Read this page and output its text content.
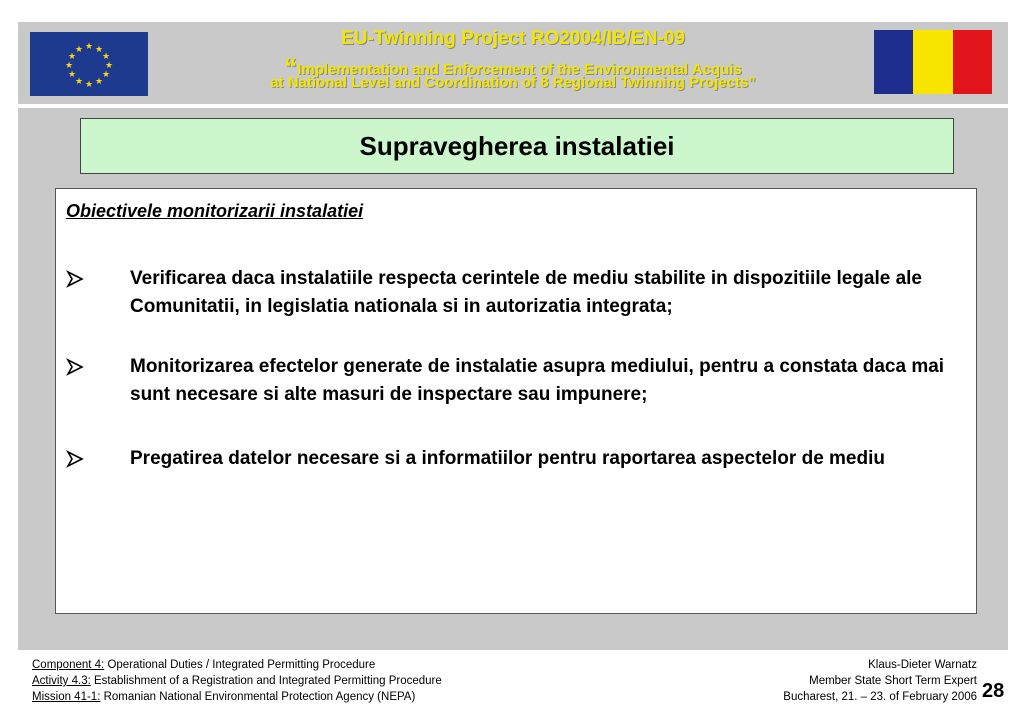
★ ★
★
★
★
★
★
★
★
★
★
★
EU-Twinning Project RO2004/IB/EN-09
“Implementation and Enforcement of the Environmental Acquis
at National Level and Coordination of 8 Regional Twinning Projects”
Supravegherea instalatiei
Obiectivele monitorizarii instalatiei
Verificarea daca instalatiile respecta cerintele de mediu stabilite in dispozitiile legale ale Comunitatii, in legislatia nationala si in autorizatia integrata;
Monitorizarea efectelor generate de instalatie asupra mediului, pentru a constata daca mai sunt necesare si alte masuri de inspectare sau impunere;
Pregatirea datelor necesare si a informatiilor pentru raportarea aspectelor de mediu
Component 4: Operational Duties / Integrated Permitting Procedure
Activity 4.3: Establishment of a Registration and Integrated Permitting Procedure
Mission 41-1: Romanian National Environmental Protection Agency (NEPA)
Klaus-Dieter Warnatz
Member State Short Term Expert
Bucharest, 21. – 23. of February 2006 28
